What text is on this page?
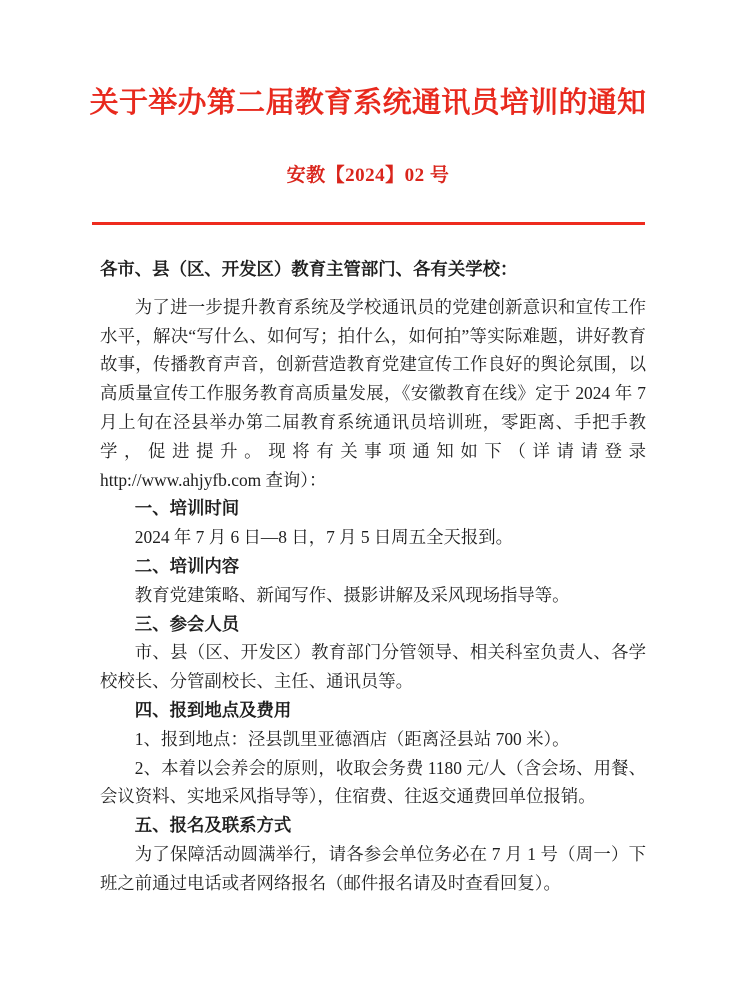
关于举办第二届教育系统通讯员培训的通知
安教【2024】02 号

各市、县（区、开发区）教育主管部门、各有关学校：

为了进一步提升教育系统及学校通讯员的党建创新意识和宣传工作水平，解决“写什么、如何写；拍什么，如何拍”等实际难题，讲好教育故事，传播教育声音，创新营造教育党建宣传工作良好的舆论氛围，以高质量宣传工作服务教育高质量发展，《安徽教育在线》定于 2024 年 7 月上旬在泾县举办第二届教育系统通讯员培训班，零距离、手把手教学，促进提升。现将有关事项通知如下（详请请登录 http://www.ahjyfb.com 查询）：

一、培训时间

2024 年 7 月 6 日—8 日，7 月 5 日周五全天报到。

二、培训内容

教育党建策略、新闻写作、摄影讲解及采风现场指导等。

三、参会人员

市、县（区、开发区）教育部门分管领导、相关科室负责人、各学校校长、分管副校长、主任、通讯员等。

四、报到地点及费用

1、报到地点：泾县凯里亚德酒店（距离泾县站 700 米）。

2、本着以会养会的原则，收取会务费 1180 元/人（含会场、用餐、会议资料、实地采风指导等），住宿费、往返交通费回单位报销。

五、报名及联系方式

为了保障活动圆满举行，请各参会单位务必在 7 月 1 号（周一）下班之前通过电话或者网络报名（邮件报名请及时查看回复）。
